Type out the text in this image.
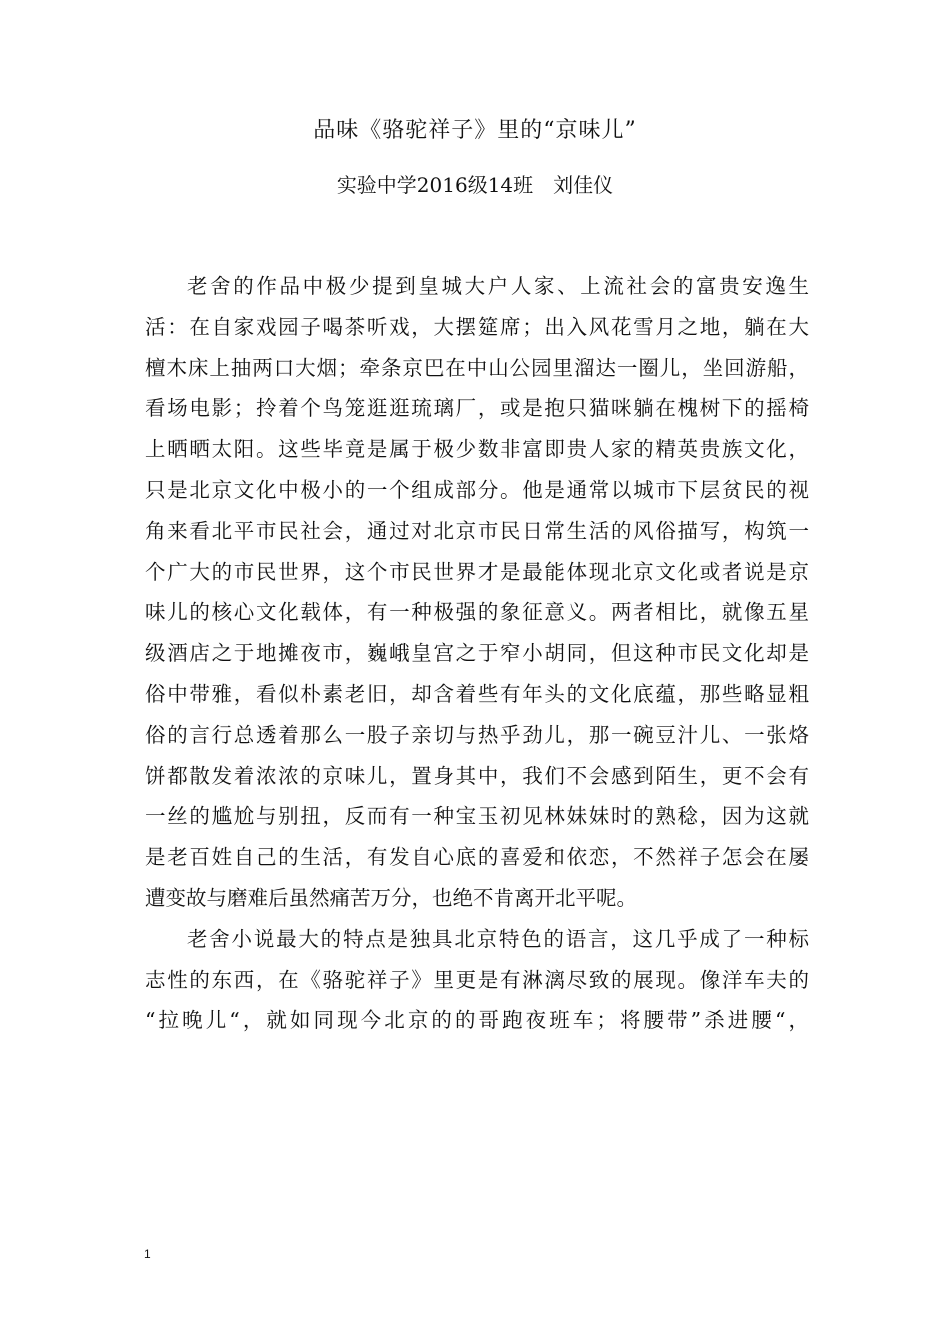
品味《骆驼祥子》里的“京味儿”
实验中学2016级14班　刘佳仪
老舍的作品中极少提到皇城大户人家、上流社会的富贵安逸生
活：在自家戏园子喝茶听戏，大摆筵席；出入风花雪月之地，躺在大
檀木床上抽两口大烟；牵条京巴在中山公园里溜达一圈儿，坐回游船，
看场电影；拎着个鸟笼逛逛琉璃厂，或是抱只猫咪躺在槐树下的摇椅
上晒晒太阳。这些毕竟是属于极少数非富即贵人家的精英贵族文化，
只是北京文化中极小的一个组成部分。他是通常以城市下层贫民的视
角来看北平市民社会，通过对北京市民日常生活的风俗描写，构筑一
个广大的市民世界，这个市民世界才是最能体现北京文化或者说是京
味儿的核心文化载体，有一种极强的象征意义。两者相比，就像五星
级酒店之于地摊夜市，巍峨皇宫之于窄小胡同，但这种市民文化却是
俗中带雅，看似朴素老旧，却含着些有年头的文化底蕴，那些略显粗
俗的言行总透着那么一股子亲切与热乎劲儿，那一碗豆汁儿、一张烙
饼都散发着浓浓的京味儿，置身其中，我们不会感到陌生，更不会有
一丝的尴尬与别扭，反而有一种宝玉初见林妹妹时的熟稔，因为这就
是老百姓自己的生活，有发自心底的喜爱和依恋，不然祥子怎会在屡
遭变故与磨难后虽然痛苦万分，也绝不肯离开北平呢。
老舍小说最大的特点是独具北京特色的语言，这几乎成了一种标
志性的东西，在《骆驼祥子》里更是有淋漓尽致的展现。像洋车夫的
“拉晚儿“，就如同现今北京的的哥跑夜班车；将腰带”杀进腰“，
1
